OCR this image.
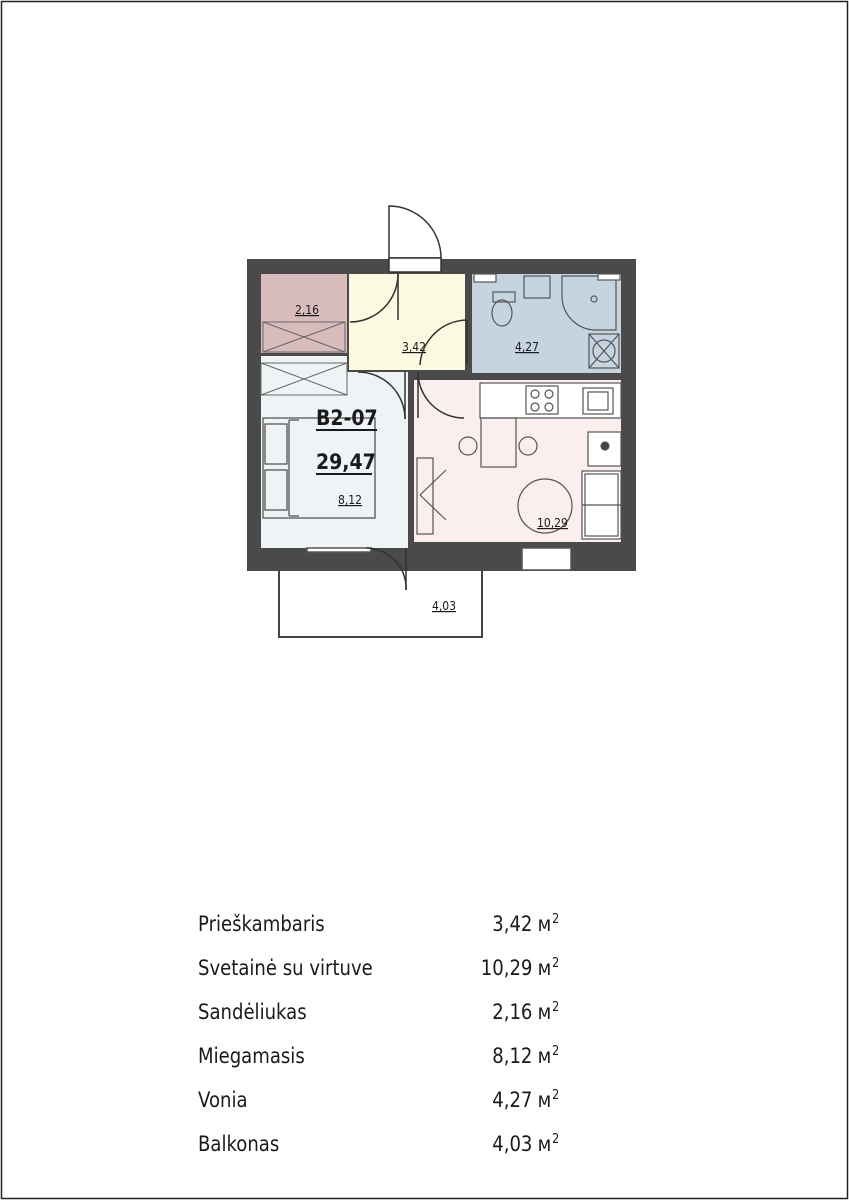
2,16
3,42	4,27
8,12
10,29
4,03
B2-07
29,47
Prieškambaris	3,42 $м^2$
Svetainė su virtuve	10,29 $м^2$
Sandėliukas	2,16 $м^2$
Miegamasis	8,12 $м^2$
Vonia	4,27 $м^2$
Balkonas	4,03 $м^2$
